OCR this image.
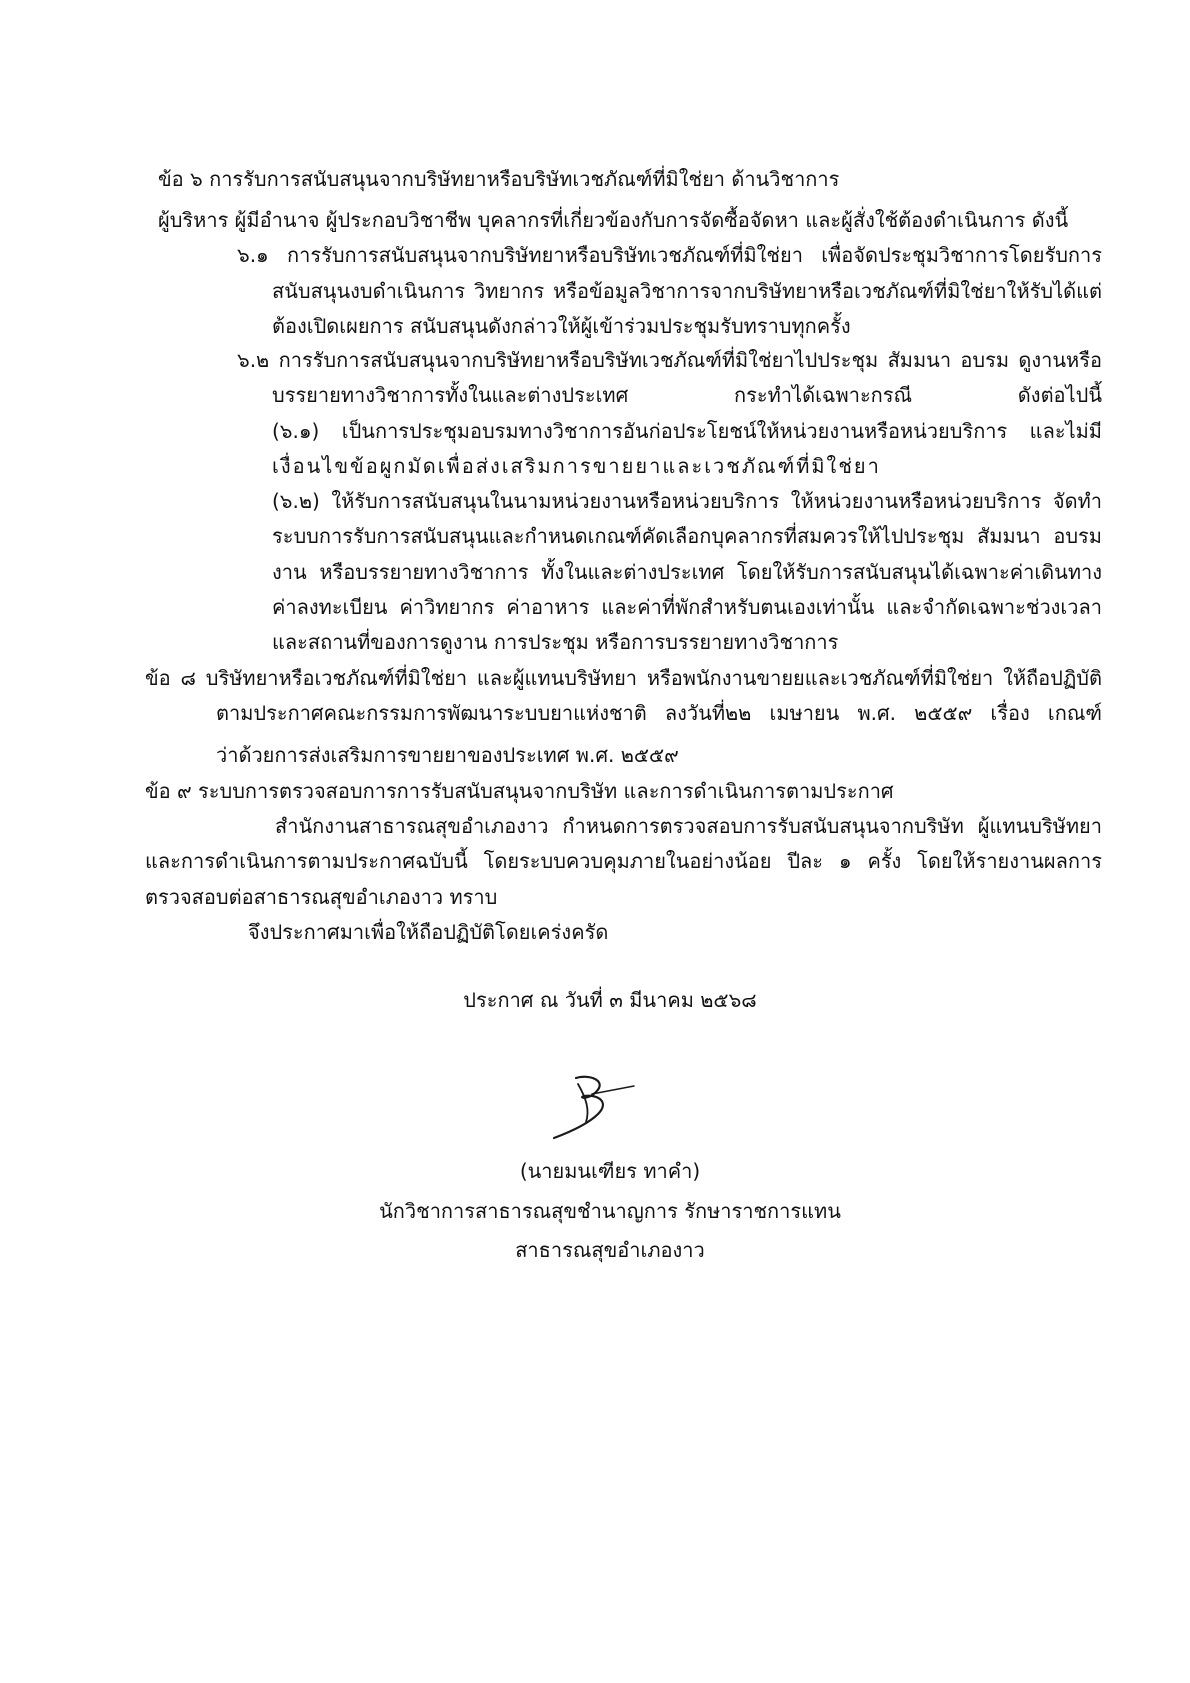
ข้อ ๖ การรับการสนับสนุนจากบริษัทยาหรือบริษัทเวชภัณฑ์ที่มิใช่ยา ด้านวิชาการ

ผู้บริหาร ผู้มีอำนาจ ผู้ประกอบวิชาชีพ บุคลากรที่เกี่ยวข้องกับการจัดซื้อจัดหา และผู้สั่งใช้ต้องดำเนินการ ดังนี้

๖.๑ การรับการสนับสนุนจากบริษัทยาหรือบริษัทเวชภัณฑ์ที่มิใช่ยา เพื่อจัดประชุมวิชาการโดยรับการ

สนับสนุนงบดำเนินการ วิทยากร หรือข้อมูลวิชาการจากบริษัทยาหรือเวชภัณฑ์ที่มิใช่ยาให้รับได้แต่

ต้องเปิดเผยการ สนับสนุนดังกล่าวให้ผู้เข้าร่วมประชุมรับทราบทุกครั้ง

๖.๒ การรับการสนับสนุนจากบริษัทยาหรือบริษัทเวชภัณฑ์ที่มิใช่ยาไปประชุม สัมมนา อบรม ดูงานหรือ

บรรยายทางวิชาการทั้งในและต่างประเทศ กระทำได้เฉพาะกรณี ดังต่อไปนี้

(๖.๑) เป็นการประชุมอบรมทางวิชาการอันก่อประโยชน์ให้หน่วยงานหรือหน่วยบริการ และไม่มี

เงื่อนไขข้อผูกมัดเพื่อส่งเสริมการขายยาและเวชภัณฑ์ที่มิใช่ยา

(๖.๒) ให้รับการสนับสนุนในนามหน่วยงานหรือหน่วยบริการ ให้หน่วยงานหรือหน่วยบริการ จัดทำ

ระบบการรับการสนับสนุนและกำหนดเกณฑ์คัดเลือกบุคลากรที่สมควรให้ไปประชุม สัมมนา อบรม

งาน หรือบรรยายทางวิชาการ ทั้งในและต่างประเทศ โดยให้รับการสนับสนุนได้เฉพาะค่าเดินทาง

ค่าลงทะเบียน ค่าวิทยากร ค่าอาหาร และค่าที่พักสำหรับตนเองเท่านั้น และจำกัดเฉพาะช่วงเวลา

และสถานที่ของการดูงาน การประชุม หรือการบรรยายทางวิชาการ

ข้อ ๘ บริษัทยาหรือเวชภัณฑ์ที่มิใช่ยา และผู้แทนบริษัทยา หรือพนักงานขายยและเวชภัณฑ์ที่มิใช่ยา ให้ถือปฏิบัติ

ตามประกาศคณะกรรมการพัฒนาระบบยาแห่งชาติ ลงวันที่๒๒ เมษายน พ.ศ. ๒๕๕๙ เรื่อง เกณฑ์

ว่าด้วยการส่งเสริมการขายยาของประเทศ พ.ศ. ๒๕๕๙

ข้อ ๙ ระบบการตรวจสอบการการรับสนับสนุนจากบริษัท และการดำเนินการตามประกาศ

สำนักงานสาธารณสุขอำเภองาว กำหนดการตรวจสอบการรับสนับสนุนจากบริษัท ผู้แทนบริษัทยา

และการดำเนินการตามประกาศฉบับนี้ โดยระบบควบคุมภายในอย่างน้อย ปีละ ๑ ครั้ง โดยให้รายงานผลการ

ตรวจสอบต่อสาธารณสุขอำเภองาว ทราบ

จึงประกาศมาเพื่อให้ถือปฏิบัติโดยเคร่งครัด

ประกาศ ณ วันที่ ๓ มีนาคม ๒๕๖๘

(นายมนเฑียร ทาคำ)

นักวิชาการสาธารณสุขชำนาญการ รักษาราชการแทน

สาธารณสุขอำเภองาว
